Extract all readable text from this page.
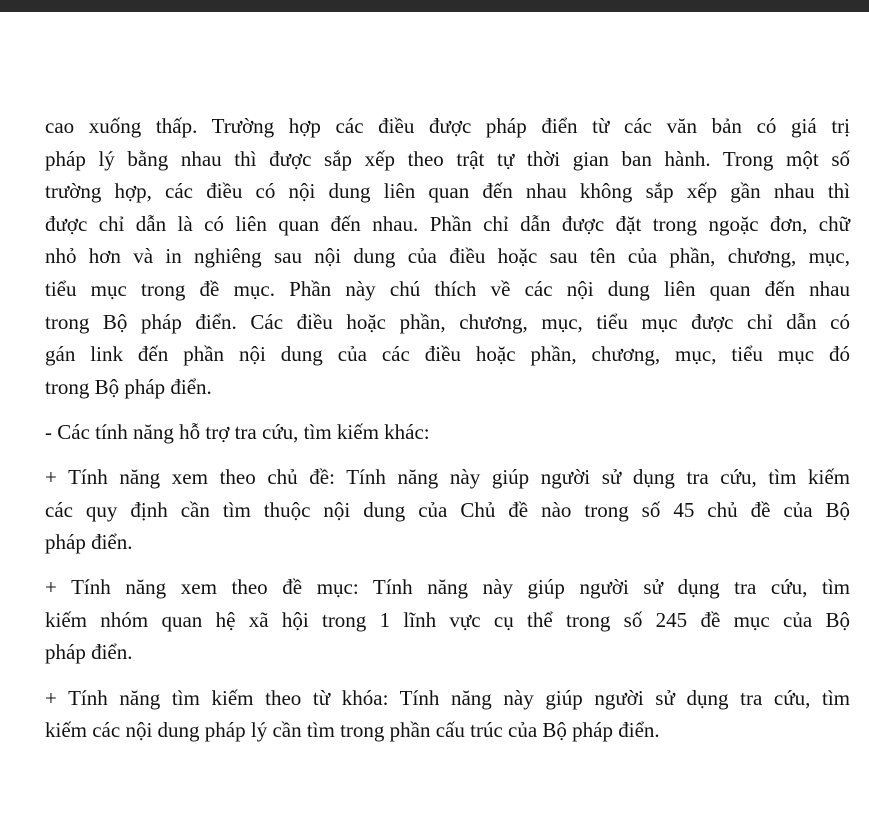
cao xuống thấp. Trường hợp các điều được pháp điển từ các văn bản có giá trị
pháp lý bằng nhau thì được sắp xếp theo trật tự thời gian ban hành. Trong một số
trường hợp, các điều có nội dung liên quan đến nhau không sắp xếp gần nhau thì
được chỉ dẫn là có liên quan đến nhau. Phần chỉ dẫn được đặt trong ngoặc đơn, chữ
nhỏ hơn và in nghiêng sau nội dung của điều hoặc sau tên của phần, chương, mục,
tiểu mục trong đề mục. Phần này chú thích về các nội dung liên quan đến nhau
trong Bộ pháp điển. Các điều hoặc phần, chương, mục, tiểu mục được chỉ dẫn có
gán link đến phần nội dung của các điều hoặc phần, chương, mục, tiểu mục đó
trong Bộ pháp điển.
- Các tính năng hỗ trợ tra cứu, tìm kiếm khác:
+ Tính năng xem theo chủ đề: Tính năng này giúp người sử dụng tra cứu, tìm kiếm
các quy định cần tìm thuộc nội dung của Chủ đề nào trong số 45 chủ đề của Bộ
pháp điển.
+ Tính năng xem theo đề mục: Tính năng này giúp người sử dụng tra cứu, tìm
kiếm nhóm quan hệ xã hội trong 1 lĩnh vực cụ thể trong số 245 đề mục của Bộ
pháp điển.
+ Tính năng tìm kiếm theo từ khóa: Tính năng này giúp người sử dụng tra cứu, tìm
kiếm các nội dung pháp lý cần tìm trong phần cấu trúc của Bộ pháp điển.
